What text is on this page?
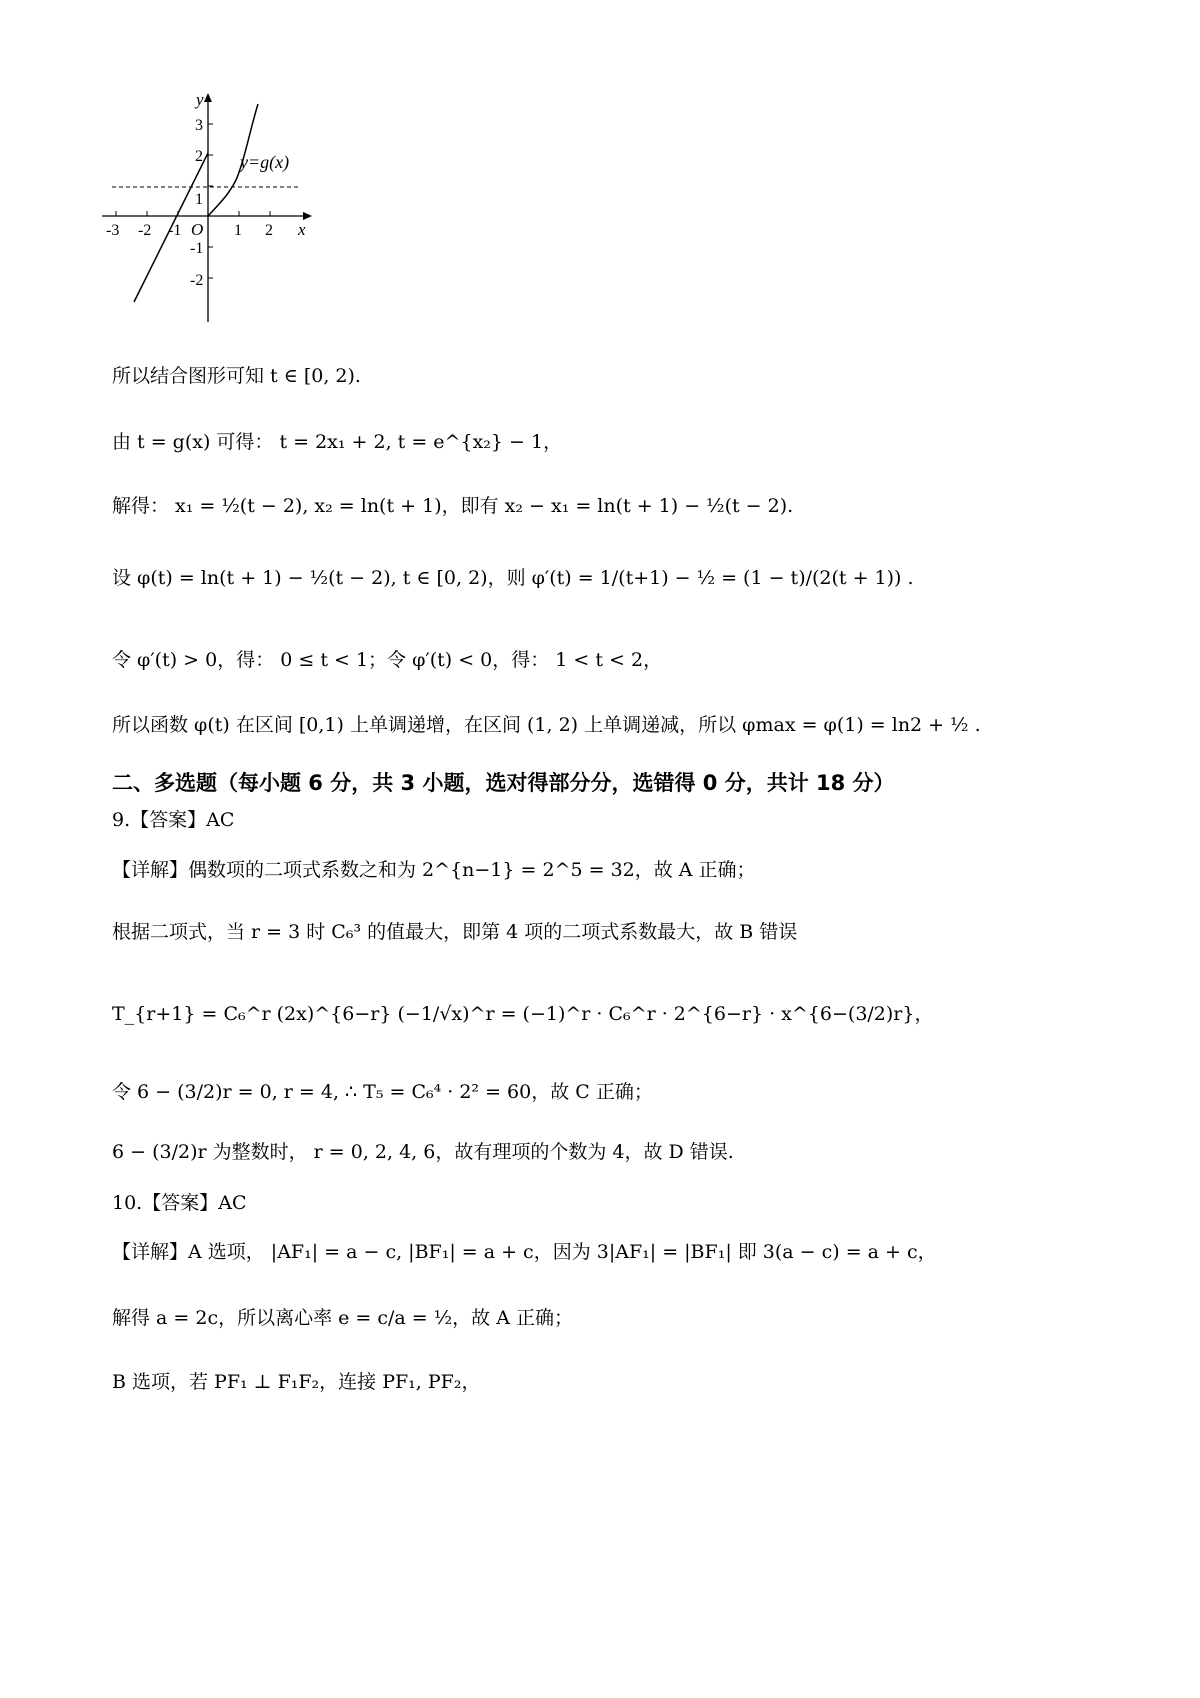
y
x
y=g(x)
O
-3 -2 -1	1 2
3
2
1
-1
-2
所以结合图形可知 t ∈ [0, 2).
由 t = g(x) 可得： t = 2x₁ + 2, t = e^{x₂} − 1，
解得： x₁ = ½(t − 2), x₂ = ln(t + 1)，即有 x₂ − x₁ = ln(t + 1) − ½(t − 2).
设 φ(t) = ln(t + 1) − ½(t − 2), t ∈ [0, 2)，则 φ′(t) = 1/(t+1) − ½ = (1 − t)/(2(t + 1)) .
令 φ′(t) > 0，得： 0 ≤ t < 1；令 φ′(t) < 0，得： 1 < t < 2，
所以函数 φ(t) 在区间 [0,1) 上单调递增，在区间 (1, 2) 上单调递减，所以 φmax = φ(1) = ln2 + ½ .
二、多选题（每小题 6 分，共 3 小题，选对得部分分，选错得 0 分，共计 18 分）
9.【答案】AC
【详解】偶数项的二项式系数之和为 2^{n−1} = 2^5 = 32，故 A 正确；
根据二项式，当 r = 3 时 C₆³ 的值最大，即第 4 项的二项式系数最大，故 B 错误
T_{r+1} = C₆^r (2x)^{6−r} (−1/√x)^r = (−1)^r · C₆^r · 2^{6−r} · x^{6−(3/2)r}，
令 6 − (3/2)r = 0, r = 4, ∴ T₅ = C₆⁴ · 2² = 60，故 C 正确；
6 − (3/2)r 为整数时， r = 0, 2, 4, 6，故有理项的个数为 4，故 D 错误.
10.【答案】AC
【详解】A 选项， |AF₁| = a − c, |BF₁| = a + c，因为 3|AF₁| = |BF₁| 即 3(a − c) = a + c，
解得 a = 2c，所以离心率 e = c/a = ½，故 A 正确；
B 选项，若 PF₁ ⊥ F₁F₂，连接 PF₁, PF₂，
